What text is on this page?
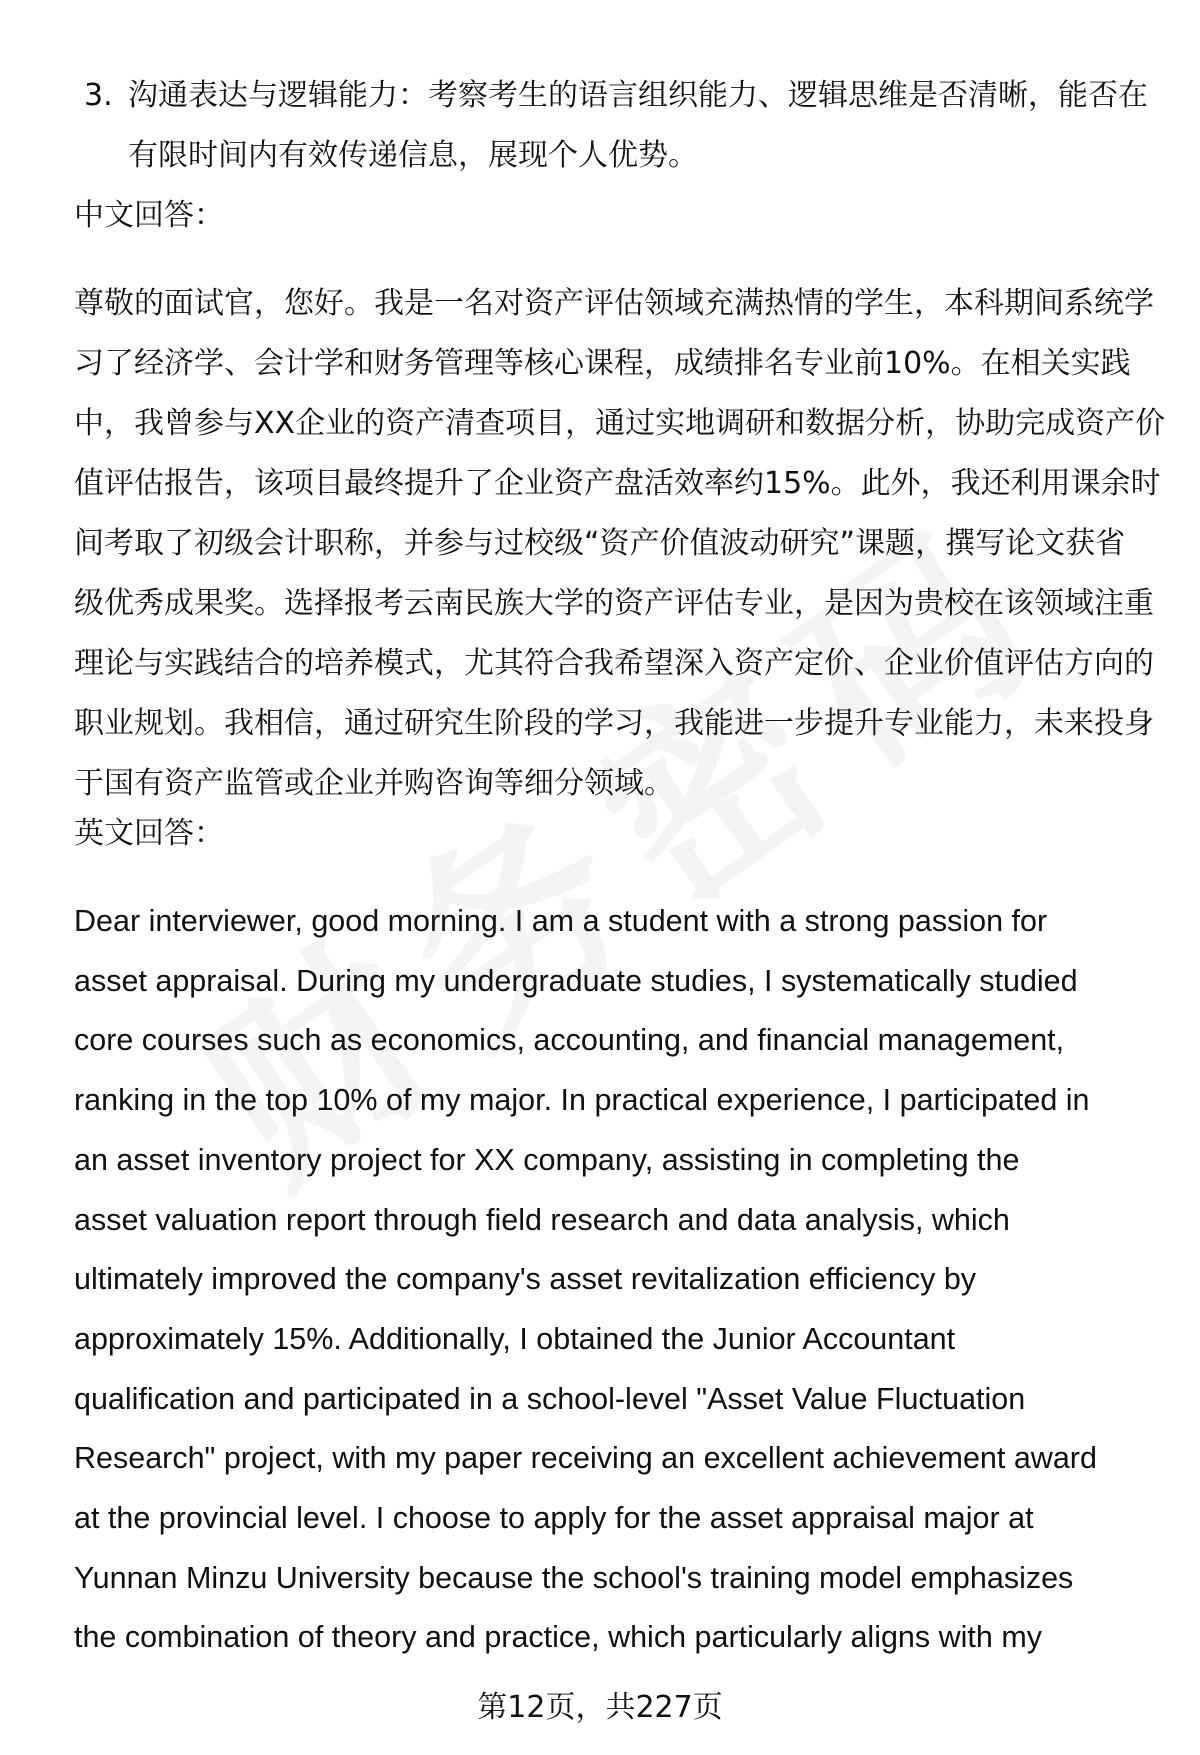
3. 沟通表达与逻辑能力：考察考生的语言组织能力、逻辑思维是否清晰，能否在
有限时间内有效传递信息，展现个人优势。
中文回答：
尊敬的面试官，您好。我是一名对资产评估领域充满热情的学生，本科期间系统学
习了经济学、会计学和财务管理等核心课程，成绩排名专业前10%。在相关实践
中，我曾参与XX企业的资产清查项目，通过实地调研和数据分析，协助完成资产价
值评估报告，该项目最终提升了企业资产盘活效率约15%。此外，我还利用课余时
间考取了初级会计职称，并参与过校级“资产价值波动研究”课题，撰写论文获省
级优秀成果奖。选择报考云南民族大学的资产评估专业，是因为贵校在该领域注重
理论与实践结合的培养模式，尤其符合我希望深入资产定价、企业价值评估方向的
职业规划。我相信，通过研究生阶段的学习，我能进一步提升专业能力，未来投身
于国有资产监管或企业并购咨询等细分领域。
英文回答：
Dear interviewer, good morning. I am a student with a strong passion for
asset appraisal. During my undergraduate studies, I systematically studied
core courses such as economics, accounting, and financial management,
ranking in the top 10% of my major. In practical experience, I participated in
an asset inventory project for XX company, assisting in completing the
asset valuation report through field research and data analysis, which
ultimately improved the company's asset revitalization efficiency by
approximately 15%. Additionally, I obtained the Junior Accountant
qualification and participated in a school-level "Asset Value Fluctuation
Research" project, with my paper receiving an excellent achievement award
at the provincial level. I choose to apply for the asset appraisal major at
Yunnan Minzu University because the school's training model emphasizes
the combination of theory and practice, which particularly aligns with my
第12页，共227页
